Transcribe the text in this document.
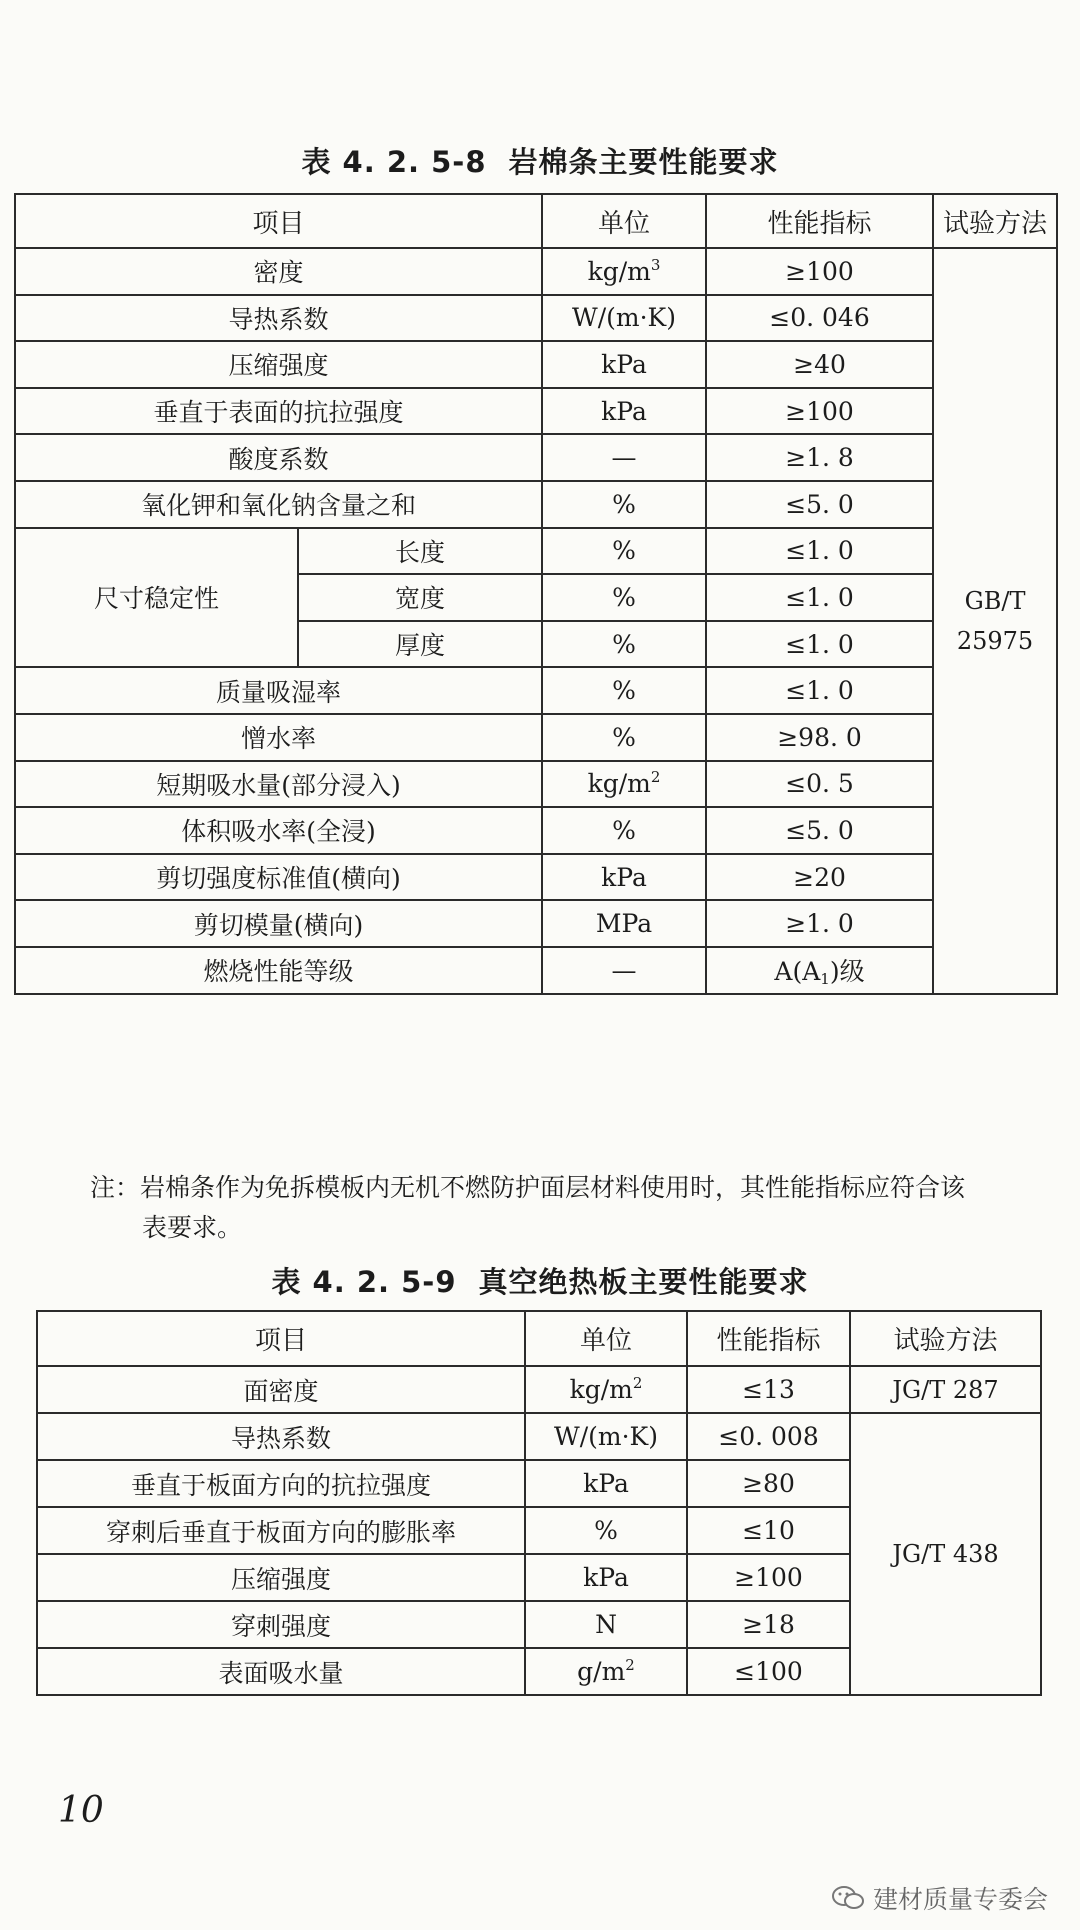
表 4. 2. 5-8 岩棉条主要性能要求
项目		单位	性能指标	试验方法
密度		$kg/m^3$	≥100	GB/T
25975

导热系数		W/(m·K)	≤0. 046	
压缩强度		kPa	≥40	
垂直于表面的抗拉强度		kPa	≥100	
酸度系数		—	≥1. 8	
氧化钾和氧化钠含量之和		%	≤5. 0	
尺寸稳定性	长度	%	≤1. 0	
	宽度	%	≤1. 0	
	厚度	%	≤1. 0	
质量吸湿率		%	≤1. 0	
憎水率		%	≥98. 0	
短期吸水量(部分浸入)		$kg/m^2$	≤0. 5	
体积吸水率(全浸)		%	≤5. 0	
剪切强度标准值(横向)		kPa	≥20	
剪切模量(横向)		MPa	≥1. 0	
燃烧性能等级		—	$A(A_1)$级	
注：岩棉条作为免拆模板内无机不燃防护面层材料使用时，其性能指标应符合该
表要求。
表 4. 2. 5-9 真空绝热板主要性能要求
项目	单位	性能指标	试验方法
面密度	$kg/m^2$	≤13	JG/T 287
导热系数	W/(m·K)	≤0. 008	JG/T 438
垂直于板面方向的抗拉强度	kPa	≥80	
穿刺后垂直于板面方向的膨胀率	%	≤10	
压缩强度	kPa	≥100	
穿刺强度	N	≥18	
表面吸水量	$g/m^2$	≤100	
10
建材质量专委会
